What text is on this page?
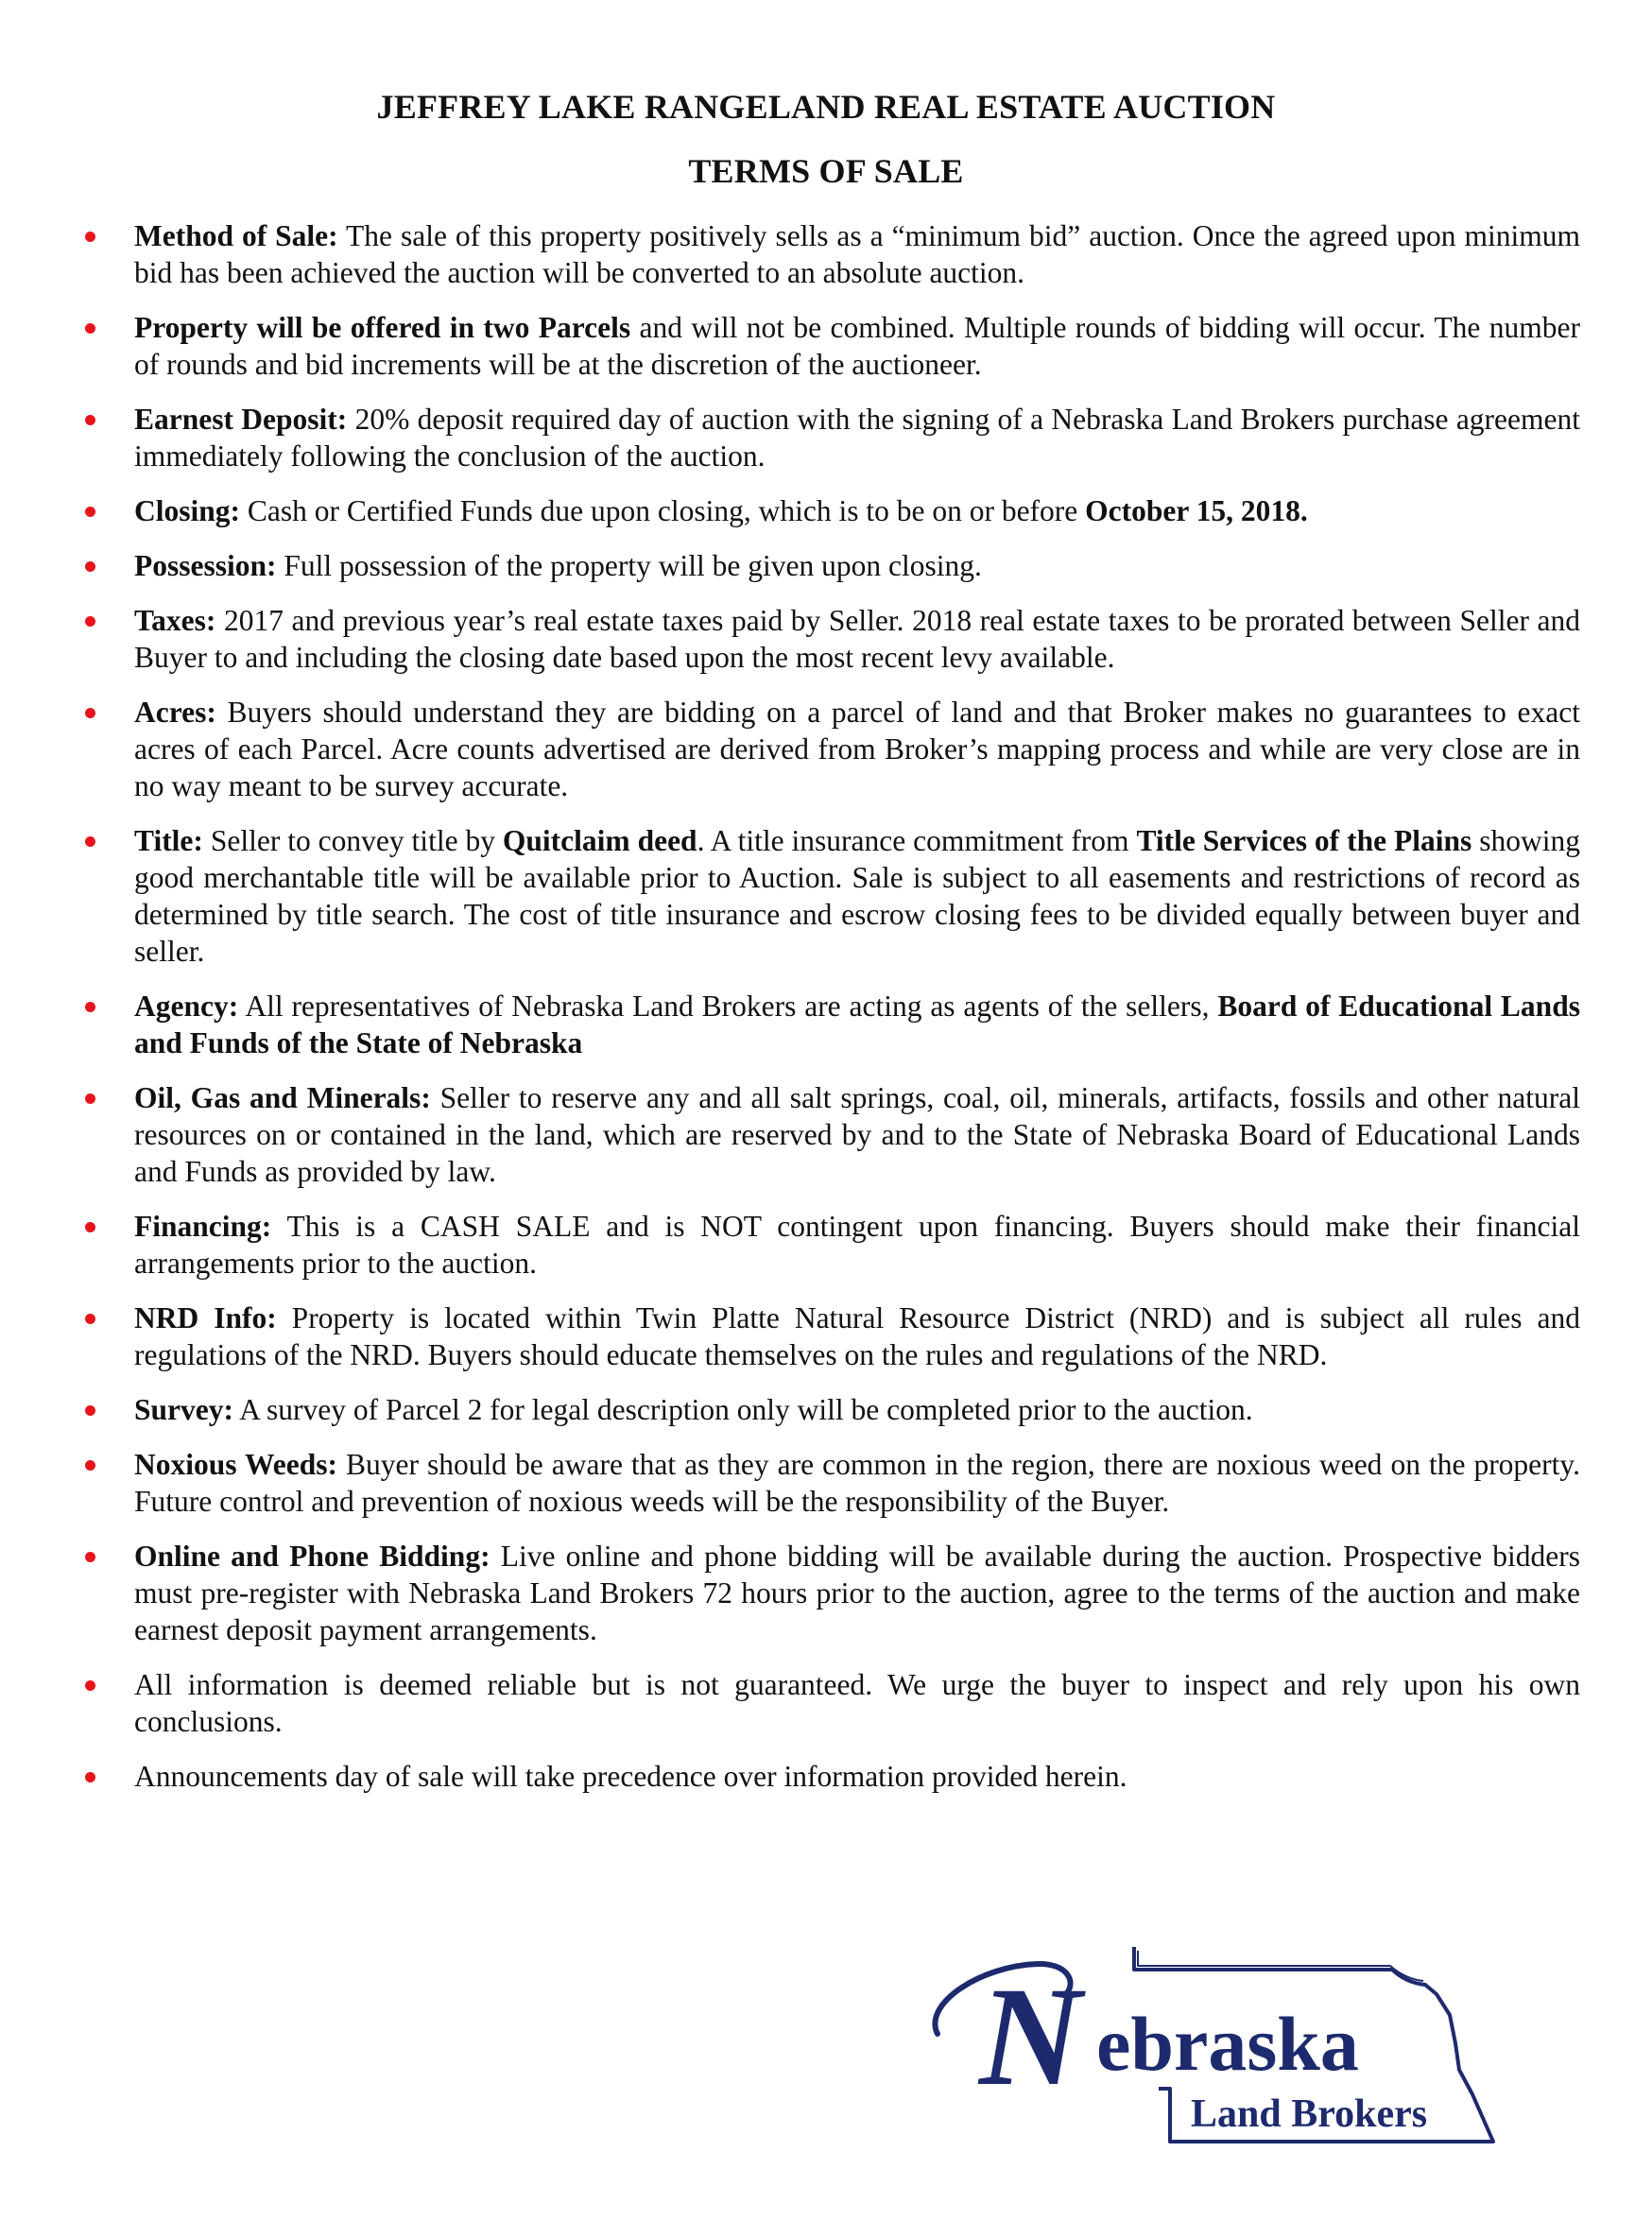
JEFFREY LAKE RANGELAND REAL ESTATE AUCTION
TERMS OF SALE
Method of Sale: The sale of this property positively sells as a “minimum bid” auction. Once the agreed upon minimum bid has been achieved the auction will be converted to an absolute auction.
Property will be offered in two Parcels and will not be combined. Multiple rounds of bidding will occur. The number of rounds and bid increments will be at the discretion of the auctioneer.
Earnest Deposit: 20% deposit required day of auction with the signing of a Nebraska Land Brokers purchase agreement immediately following the conclusion of the auction.
Closing: Cash or Certified Funds due upon closing, which is to be on or before October 15, 2018.
Possession: Full possession of the property will be given upon closing.
Taxes: 2017 and previous year’s real estate taxes paid by Seller. 2018 real estate taxes to be prorated between Seller and Buyer to and including the closing date based upon the most recent levy available.
Acres: Buyers should understand they are bidding on a parcel of land and that Broker makes no guarantees to exact acres of each Parcel. Acre counts advertised are derived from Broker’s mapping process and while are very close are in no way meant to be survey accurate.
Title: Seller to convey title by Quitclaim deed. A title insurance commitment from Title Services of the Plains showing good merchantable title will be available prior to Auction. Sale is subject to all easements and restrictions of record as determined by title search. The cost of title insurance and escrow closing fees to be divided equally between buyer and seller.
Agency: All representatives of Nebraska Land Brokers are acting as agents of the sellers, Board of Educational Lands and Funds of the State of Nebraska
Oil, Gas and Minerals: Seller to reserve any and all salt springs, coal, oil, minerals, artifacts, fossils and other natural resources on or contained in the land, which are reserved by and to the State of Nebraska Board of Educational Lands and Funds as provided by law.
Financing: This is a CASH SALE and is NOT contingent upon financing. Buyers should make their financial arrangements prior to the auction.
NRD Info: Property is located within Twin Platte Natural Resource District (NRD) and is subject all rules and regulations of the NRD. Buyers should educate themselves on the rules and regulations of the NRD.
Survey: A survey of Parcel 2 for legal description only will be completed prior to the auction.
Noxious Weeds: Buyer should be aware that as they are common in the region, there are noxious weed on the property. Future control and prevention of noxious weeds will be the responsibility of the Buyer.
Online and Phone Bidding: Live online and phone bidding will be available during the auction. Prospective bidders must pre-register with Nebraska Land Brokers 72 hours prior to the auction, agree to the terms of the auction and make earnest deposit payment arrangements.
All information is deemed reliable but is not guaranteed. We urge the buyer to inspect and rely upon his own conclusions.
Announcements day of sale will take precedence over information provided herein.
N ebraska
Land Brokers
